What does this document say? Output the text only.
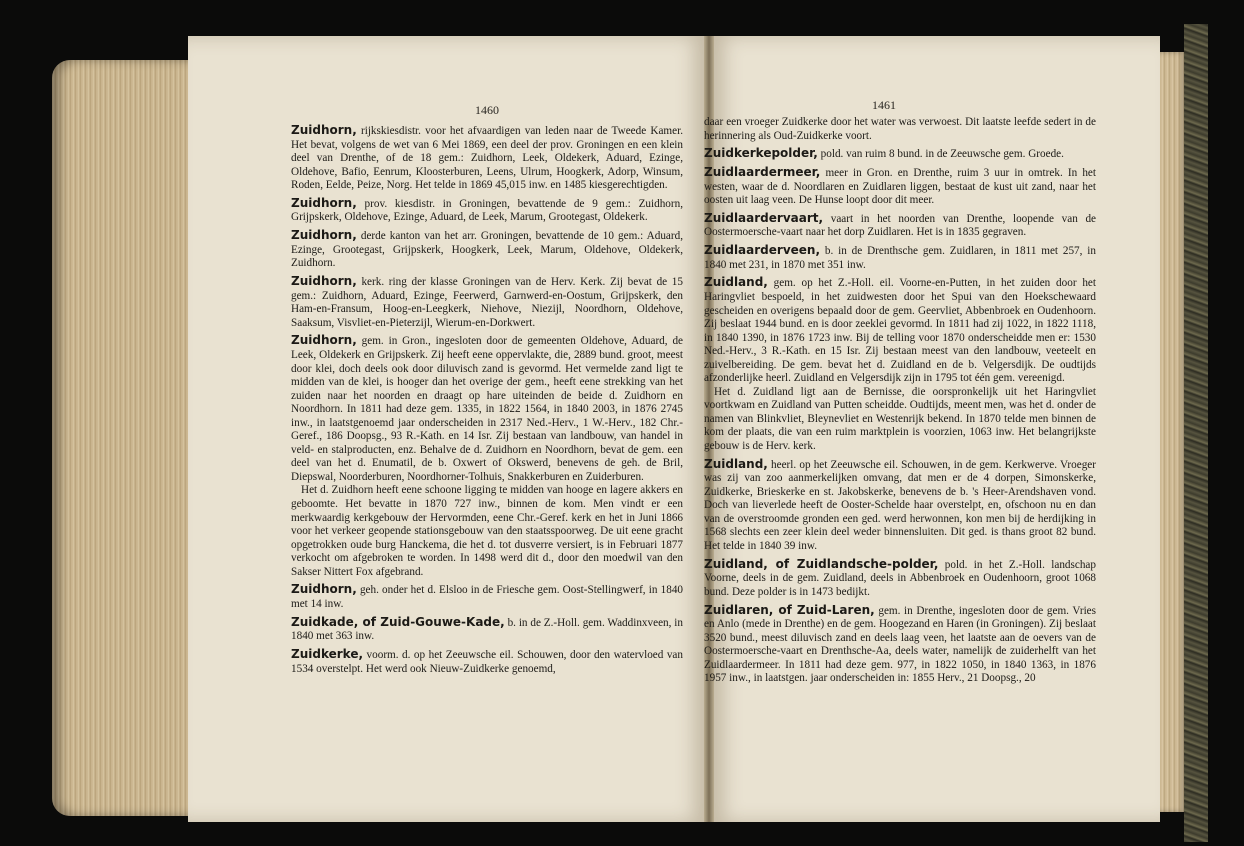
1460	1461

Zuidhorn, rijkskiesdistr. voor het afvaardigen van leden naar de Tweede Kamer. Het bevat, volgens de wet van 6 Mei 1869, een deel der prov. Groningen en een klein deel van Drenthe, of de 18 gem.: Zuidhorn, Leek, Oldekerk, Aduard, Ezinge, Oldehove, Bafio, Eenrum, Kloosterburen, Leens, Ulrum, Hoogkerk, Adorp, Winsum, Roden, Eelde, Peize, Norg. Het telde in 1869 45,015 inw. en 1485 kiesgerechtigden.

Zuidhorn, prov. kiesdistr. in Groningen, bevattende de 9 gem.: Zuidhorn, Grijpskerk, Oldehove, Ezinge, Aduard, de Leek, Marum, Grootegast, Oldekerk.

Zuidhorn, derde kanton van het arr. Groningen, bevattende de 10 gem.: Aduard, Ezinge, Grootegast, Grijpskerk, Hoogkerk, Leek, Marum, Oldehove, Oldekerk, Zuidhorn.

Zuidhorn, kerk. ring der klasse Groningen van de Herv. Kerk. Zij bevat de 15 gem.: Zuidhorn, Aduard, Ezinge, Feerwerd, Garnwerd-en-Oostum, Grijpskerk, den Ham-en-Fransum, Hoog-en-Leegkerk, Niehove, Niezijl, Noordhorn, Oldehove, Saaksum, Visvliet-en-Pieterzijl, Wierum-en-Dorkwert.

Zuidhorn, gem. in Gron., ingesloten door de gemeenten Oldehove, Aduard, de Leek, Oldekerk en Grijpskerk. Zij heeft eene oppervlakte, die, 2889 bund. groot, meest door klei, doch deels ook door diluvisch zand is gevormd. Het vermelde zand ligt te midden van de klei, is hooger dan het overige der gem., heeft eene strekking van het zuiden naar het noorden en draagt op hare uiteinden de beide d. Zuidhorn en Noordhorn. In 1811 had deze gem. 1335, in 1822 1564, in 1840 2003, in 1876 2745 inw., in laatstgenoemd jaar onderscheiden in 2317 Ned.-Herv., 1 W.-Herv., 182 Chr.-Geref., 186 Doopsg., 93 R.-Kath. en 14 Isr. Zij bestaan van landbouw, van handel in veld- en stalproducten, enz. Behalve de d. Zuidhorn en Noordhorn, bevat de gem. een deel van het d. Enumatil, de b. Oxwert of Okswerd, benevens de geh. de Bril, Diepswal, Noorderburen, Noordhorner-Tolhuis, Snakkerburen en Zuiderburen.

Het d. Zuidhorn heeft eene schoone ligging te midden van hooge en lagere akkers en geboomte. Het bevatte in 1870 727 inw., binnen de kom. Men vindt er een merkwaardig kerkgebouw der Hervormden, eene Chr.-Geref. kerk en het in Juni 1866 voor het verkeer geopende stationsgebouw van den staatsspoorweg. De uit eene gracht opgetrokken oude burg Hanckema, die het d. tot dusverre versiert, is in Februari 1877 verkocht om afgebroken te worden. In 1498 werd dit d., door den moedwil van den Sakser Nittert Fox afgebrand.

Zuidhorn, geh. onder het d. Elsloo in de Friesche gem. Oost-Stellingwerf, in 1840 met 14 inw.

Zuidkade, of Zuid-Gouwe-Kade, b. in de Z.-Holl. gem. Waddinxveen, in 1840 met 363 inw.

Zuidkerke, voorm. d. op het Zeeuwsche eil. Schouwen, door den watervloed van 1534 overstelpt. Het werd ook Nieuw-Zuidkerke genoemd,

daar een vroeger Zuidkerke door het water was verwoest. Dit laatste leefde sedert in de herinnering als Oud-Zuidkerke voort.

Zuidkerkepolder, pold. van ruim 8 bund. in de Zeeuwsche gem. Groede.

Zuidlaardermeer, meer in Gron. en Drenthe, ruim 3 uur in omtrek. In het westen, waar de d. Noordlaren en Zuidlaren liggen, bestaat de kust uit zand, naar het oosten uit laag veen. De Hunse loopt door dit meer.

Zuidlaardervaart, vaart in het noorden van Drenthe, loopende van de Oostermoersche-vaart naar het dorp Zuidlaren. Het is in 1835 gegraven.

Zuidlaarderveen, b. in de Drenthsche gem. Zuidlaren, in 1811 met 257, in 1840 met 231, in 1870 met 351 inw.

Zuidland, gem. op het Z.-Holl. eil. Voorne-en-Putten, in het zuiden door het Haringvliet bespoeld, in het zuidwesten door het Spui van den Hoekschewaard gescheiden en overigens bepaald door de gem. Geervliet, Abbenbroek en Oudenhoorn. Zij beslaat 1944 bund. en is door zeeklei gevormd. In 1811 had zij 1022, in 1822 1118, in 1840 1390, in 1876 1723 inw. Bij de telling voor 1870 onderscheidde men er: 1530 Ned.-Herv., 3 R.-Kath. en 15 Isr. Zij bestaan meest van den landbouw, veeteelt en zuivelbereiding. De gem. bevat het d. Zuidland en de b. Velgersdijk. De oudtijds afzonderlijke heerl. Zuidland en Velgersdijk zijn in 1795 tot één gem. vereenigd.

Het d. Zuidland ligt aan de Bernisse, die oorspronkelijk uit het Haringvliet voortkwam en Zuidland van Putten scheidde. Oudtijds, meent men, was het d. onder de namen van Blinkvliet, Bleynevliet en Westenrijk bekend. In 1870 telde men binnen de kom der plaats, die van een ruim marktplein is voorzien, 1063 inw. Het belangrijkste gebouw is de Herv. kerk.

Zuidland, heerl. op het Zeeuwsche eil. Schouwen, in de gem. Kerkwerve. Vroeger was zij van zoo aanmerkelijken omvang, dat men er de 4 dorpen, Simonskerke, Zuidkerke, Brieskerke en st. Jakobskerke, benevens de b. 's Heer-Arendshaven vond. Doch van lieverlede heeft de Ooster-Schelde haar overstelpt, en, ofschoon nu en dan van de overstroomde gronden een ged. werd herwonnen, kon men bij de herdijking in 1568 slechts een zeer klein deel weder binnensluiten. Dit ged. is thans groot 82 bund. Het telde in 1840 39 inw.

Zuidland, of Zuidlandsche-polder, pold. in het Z.-Holl. landschap Voorne, deels in de gem. Zuidland, deels in Abbenbroek en Oudenhoorn, groot 1068 bund. Deze polder is in 1473 bedijkt.

Zuidlaren, of Zuid-Laren, gem. in Drenthe, ingesloten door de gem. Vries en Anlo (mede in Drenthe) en de gem. Hoogezand en Haren (in Groningen). Zij beslaat 3520 bund., meest diluvisch zand en deels laag veen, het laatste aan de oevers van de Oostermoersche-vaart en Drenthsche-Aa, deels water, namelijk de zuiderhelft van het Zuidlaardermeer. In 1811 had deze gem. 977, in 1822 1050, in 1840 1363, in 1876 1957 inw., in laatstgen. jaar onderscheiden in: 1855 Herv., 21 Doopsg., 20
